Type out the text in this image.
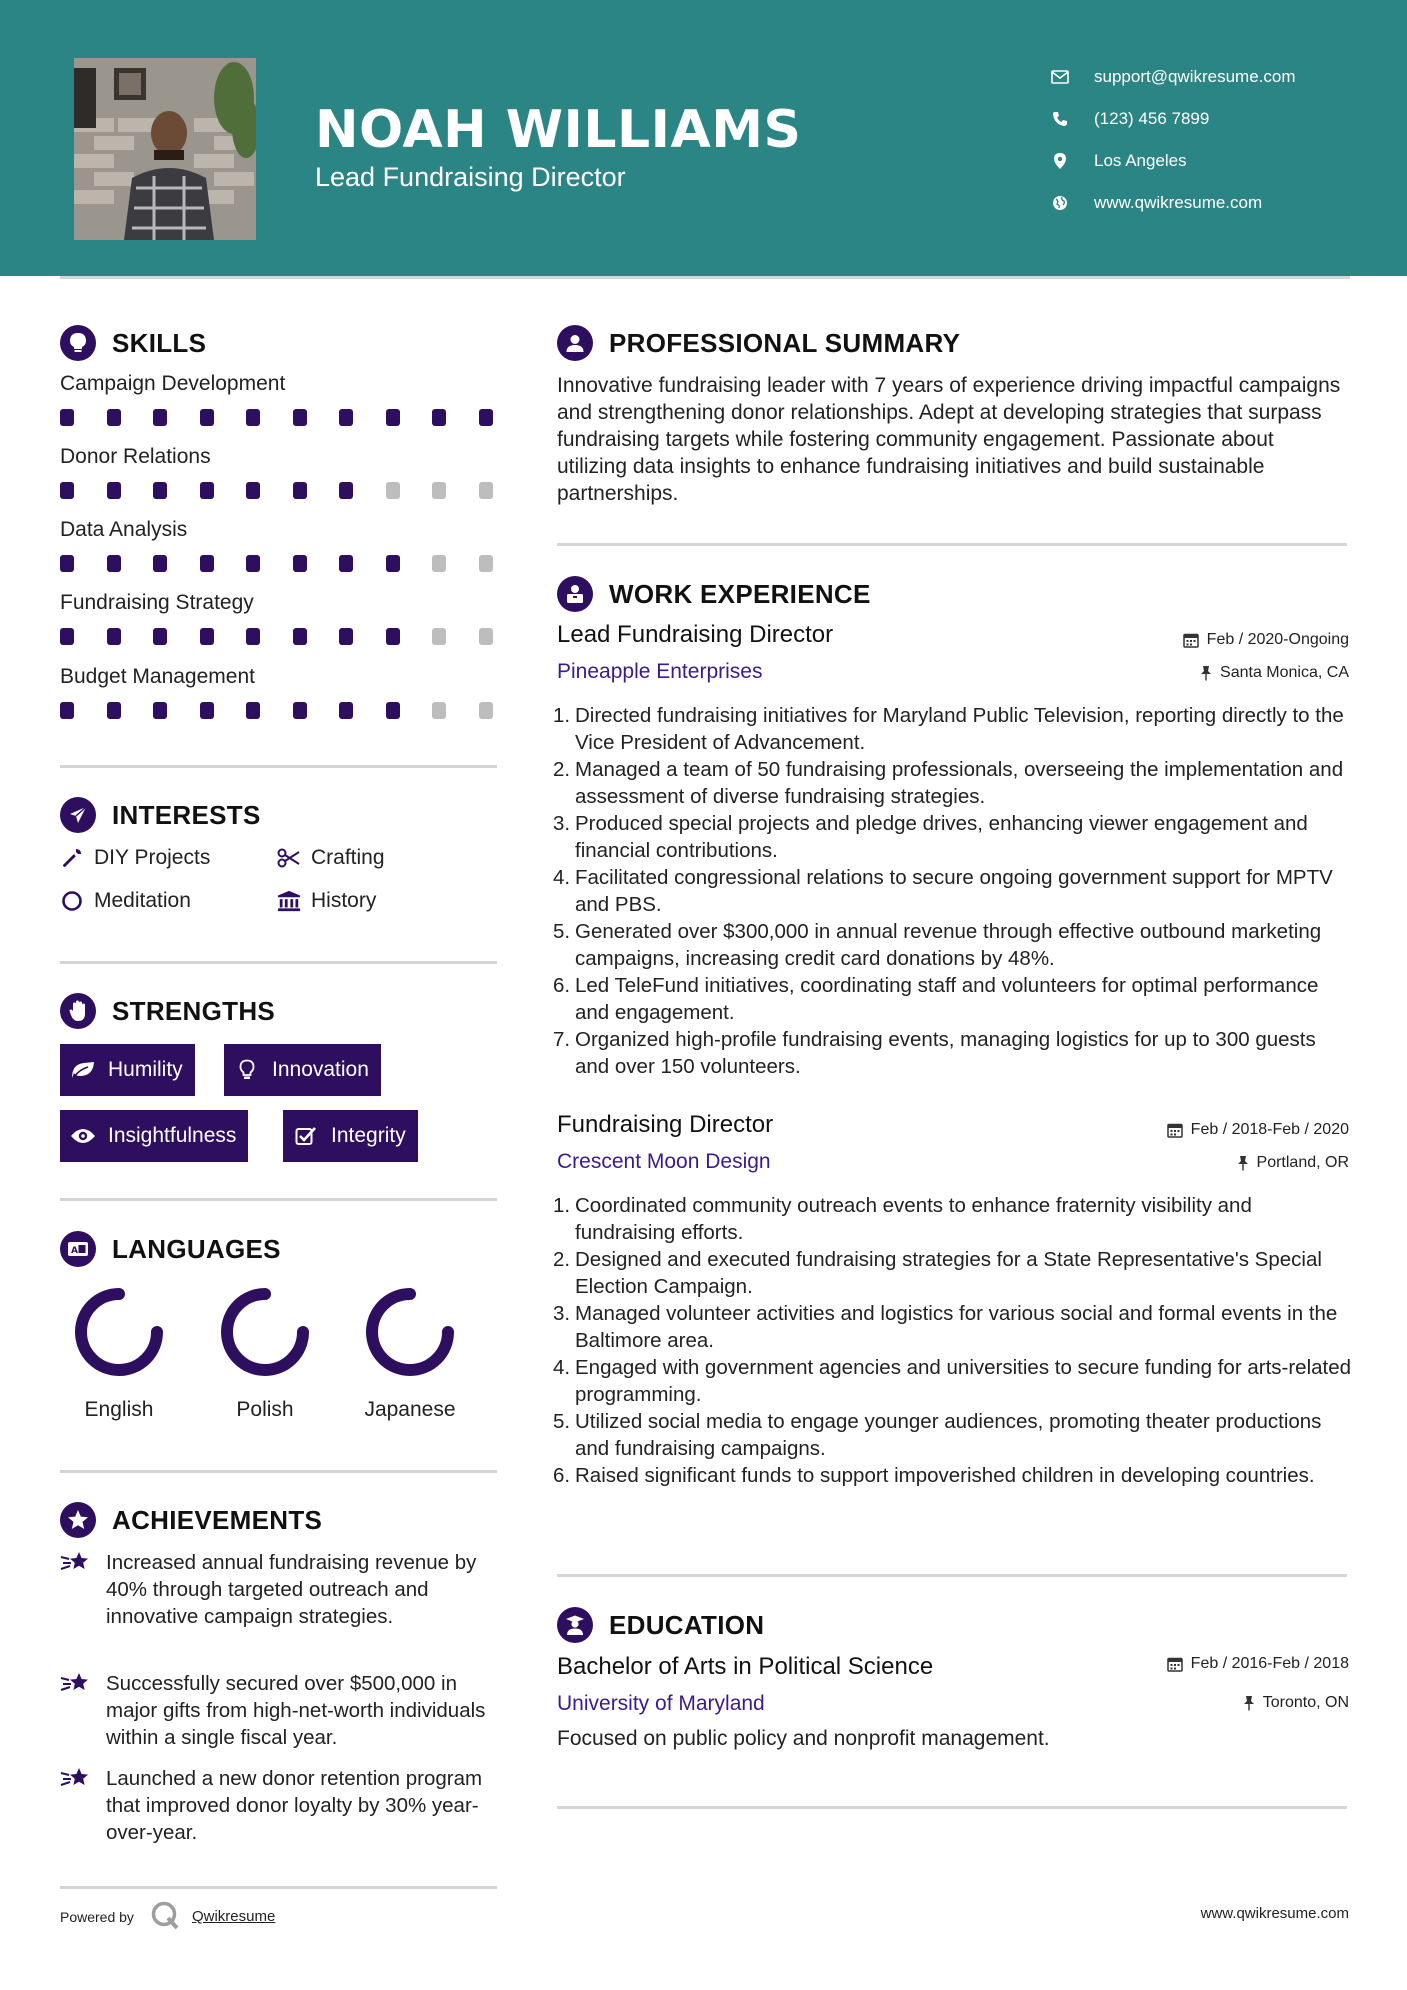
NOAH WILLIAMS
Lead Fundraising Director
support@qwikresume.com
(123) 456 7899
Los Angeles
www.qwikresume.com
SKILLS
Campaign Development
Donor Relations
Data Analysis
Fundraising Strategy
Budget Management
INTERESTS
DIY Projects	Crafting
Meditation	History
STRENGTHS
Humility	Innovation
Insightfulness	Integrity
A LANGUAGES
English	Polish	Japanese
ACHIEVEMENTS
Increased annual fundraising revenue by 40% through targeted outreach and innovative campaign strategies.
Successfully secured over $500,000 in major gifts from high-net-worth individuals within a single fiscal year.
Launched a new donor retention program that improved donor loyalty by 30% year-over-year.
Powered by	Qwikresume	www.qwikresume.com
PROFESSIONAL SUMMARY
Innovative fundraising leader with 7 years of experience driving impactful campaigns and strengthening donor relationships. Adept at developing strategies that surpass fundraising targets while fostering community engagement. Passionate about utilizing data insights to enhance fundraising initiatives and build sustainable partnerships.
WORK EXPERIENCE
Lead Fundraising Director	Feb / 2020-Ongoing
Pineapple Enterprises	Santa Monica, CA
1. Directed fundraising initiatives for Maryland Public Television, reporting directly to the Vice President of Advancement.
2. Managed a team of 50 fundraising professionals, overseeing the implementation and assessment of diverse fundraising strategies.
3. Produced special projects and pledge drives, enhancing viewer engagement and financial contributions.
4. Facilitated congressional relations to secure ongoing government support for MPTV and PBS.
5. Generated over $300,000 in annual revenue through effective outbound marketing campaigns, increasing credit card donations by 48%.
6. Led TeleFund initiatives, coordinating staff and volunteers for optimal performance and engagement.
7. Organized high-profile fundraising events, managing logistics for up to 300 guests and over 150 volunteers.
Fundraising Director	Feb / 2018-Feb / 2020
Crescent Moon Design	Portland, OR
1. Coordinated community outreach events to enhance fraternity visibility and fundraising efforts.
2. Designed and executed fundraising strategies for a State Representative's Special Election Campaign.
3. Managed volunteer activities and logistics for various social and formal events in the Baltimore area.
4. Engaged with government agencies and universities to secure funding for arts-related programming.
5. Utilized social media to engage younger audiences, promoting theater productions and fundraising campaigns.
6. Raised significant funds to support impoverished children in developing countries.
EDUCATION
Bachelor of Arts in Political Science	Feb / 2016-Feb / 2018
University of Maryland	Toronto, ON
Focused on public policy and nonprofit management.
